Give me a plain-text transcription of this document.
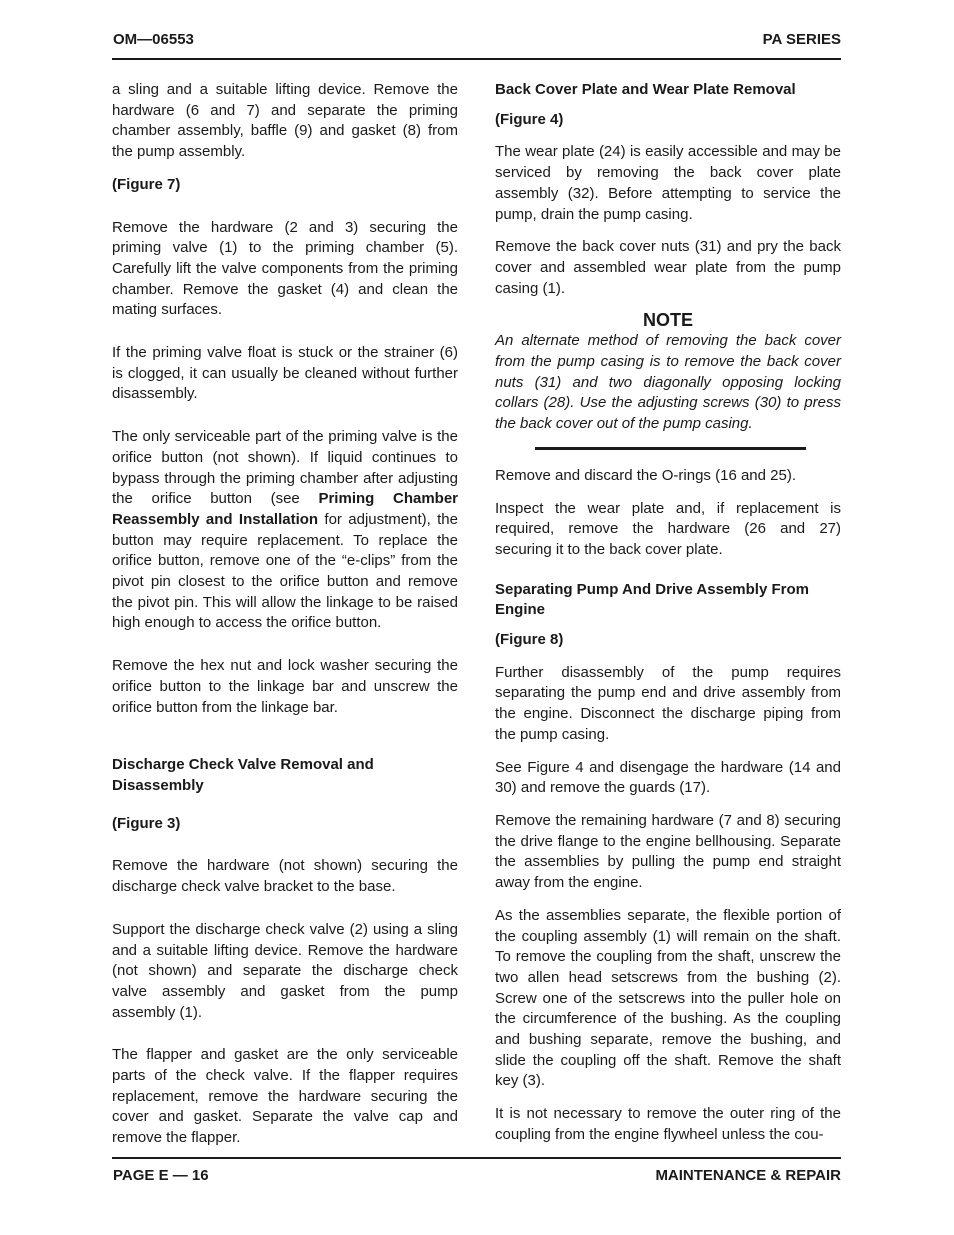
OM—06553	PA SERIES

a sling and a suitable lifting device. Remove the hardware (6 and 7) and separate the priming chamber assembly, baffle (9) and gasket (8) from the pump assembly.

(Figure 7)

Remove the hardware (2 and 3) securing the priming valve (1) to the priming chamber (5). Carefully lift the valve components from the priming chamber. Remove the gasket (4) and clean the mating surfaces.

If the priming valve float is stuck or the strainer (6) is clogged, it can usually be cleaned without further disassembly.

The only serviceable part of the priming valve is the orifice button (not shown). If liquid continues to bypass through the priming chamber after adjusting the orifice button (see Priming Chamber Reassembly and Installation for adjustment), the button may require replacement. To replace the orifice button, remove one of the “e-clips” from the pivot pin closest to the orifice button and remove the pivot pin. This will allow the linkage to be raised high enough to access the orifice button.

Remove the hex nut and lock washer securing the orifice button to the linkage bar and unscrew the orifice button from the linkage bar.

Discharge Check Valve Removal and Disassembly

(Figure 3)

Remove the hardware (not shown) securing the discharge check valve bracket to the base.

Support the discharge check valve (2) using a sling and a suitable lifting device. Remove the hardware (not shown) and separate the discharge check valve assembly and gasket from the pump assembly (1).

The flapper and gasket are the only serviceable parts of the check valve. If the flapper requires replacement, remove the hardware securing the cover and gasket. Separate the valve cap and remove the flapper.

Back Cover Plate and Wear Plate Removal

(Figure 4)

The wear plate (24) is easily accessible and may be serviced by removing the back cover plate assembly (32). Before attempting to service the pump, drain the pump casing.

Remove the back cover nuts (31) and pry the back cover and assembled wear plate from the pump casing (1).

NOTE

An alternate method of removing the back cover from the pump casing is to remove the back cover nuts (31) and two diagonally opposing locking collars (28). Use the adjusting screws (30) to press the back cover out of the pump casing.

Remove and discard the O-rings (16 and 25).

Inspect the wear plate and, if replacement is required, remove the hardware (26 and 27) securing it to the back cover plate.

Separating Pump And Drive Assembly From Engine

(Figure 8)

Further disassembly of the pump requires separating the pump end and drive assembly from the engine. Disconnect the discharge piping from the pump casing.

See Figure 4 and disengage the hardware (14 and 30) and remove the guards (17).

Remove the remaining hardware (7 and 8) securing the drive flange to the engine bellhousing. Separate the assemblies by pulling the pump end straight away from the engine.

As the assemblies separate, the flexible portion of the coupling assembly (1) will remain on the shaft. To remove the coupling from the shaft, unscrew the two allen head setscrews from the bushing (2). Screw one of the setscrews into the puller hole on the circumference of the bushing. As the coupling and bushing separate, remove the bushing, and slide the coupling off the shaft. Remove the shaft key (3).

It is not necessary to remove the outer ring of the coupling from the engine flywheel unless the cou-

PAGE E — 16	MAINTENANCE & REPAIR
